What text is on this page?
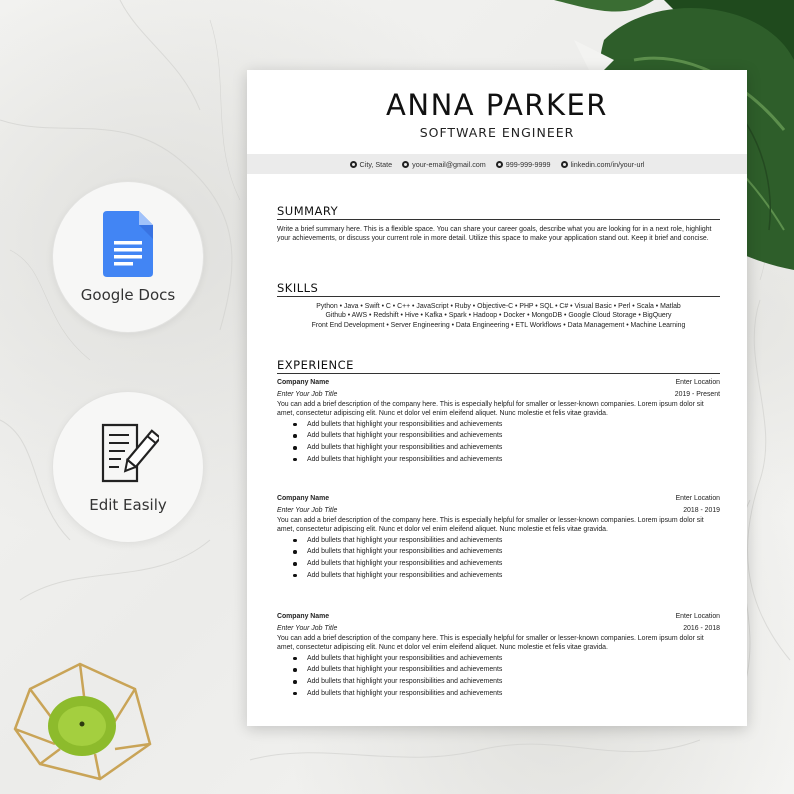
Google Docs
Edit Easily
ANNA PARKER
SOFTWARE ENGINEER
City, State	your-email@gmail.com	999-999-9999	linkedin.com/in/your-url
SUMMARY
Write a brief summary here. This is a flexible space. You can share your career goals, describe what you are looking for in a next role, highlight your achievements, or discuss your current role in more detail. Utilize this space to make your application stand out. Keep it brief and concise.
SKILLS
Python • Java • Swift • C • C++ • JavaScript • Ruby • Objective-C • PHP • SQL • C# • Visual Basic • Perl • Scala • Matlab
Github • AWS • Redshift • Hive • Kafka • Spark • Hadoop • Docker • MongoDB • Google Cloud Storage • BigQuery
Front End Development • Server Engineering • Data Engineering • ETL Workflows • Data Management • Machine Learning
EXPERIENCE
Company Name	Enter Location
Enter Your Job Title	2019 - Present
You can add a brief description of the company here. This is especially helpful for smaller or lesser-known companies. Lorem ipsum dolor sit amet, consectetur adipiscing elit. Nunc et dolor vel enim eleifend aliquet. Nunc molestie et felis vitae gravida.
Add bullets that highlight your responsibilities and achievements
Add bullets that highlight your responsibilities and achievements
Add bullets that highlight your responsibilities and achievements
Add bullets that highlight your responsibilities and achievements
Company Name	Enter Location
Enter Your Job Title	2018 - 2019
You can add a brief description of the company here. This is especially helpful for smaller or lesser-known companies. Lorem ipsum dolor sit amet, consectetur adipiscing elit. Nunc et dolor vel enim eleifend aliquet. Nunc molestie et felis vitae gravida.
Add bullets that highlight your responsibilities and achievements
Add bullets that highlight your responsibilities and achievements
Add bullets that highlight your responsibilities and achievements
Add bullets that highlight your responsibilities and achievements
Company Name	Enter Location
Enter Your Job Title	2016 - 2018
You can add a brief description of the company here. This is especially helpful for smaller or lesser-known companies. Lorem ipsum dolor sit amet, consectetur adipiscing elit. Nunc et dolor vel enim eleifend aliquet. Nunc molestie et felis vitae gravida.
Add bullets that highlight your responsibilities and achievements
Add bullets that highlight your responsibilities and achievements
Add bullets that highlight your responsibilities and achievements
Add bullets that highlight your responsibilities and achievements
